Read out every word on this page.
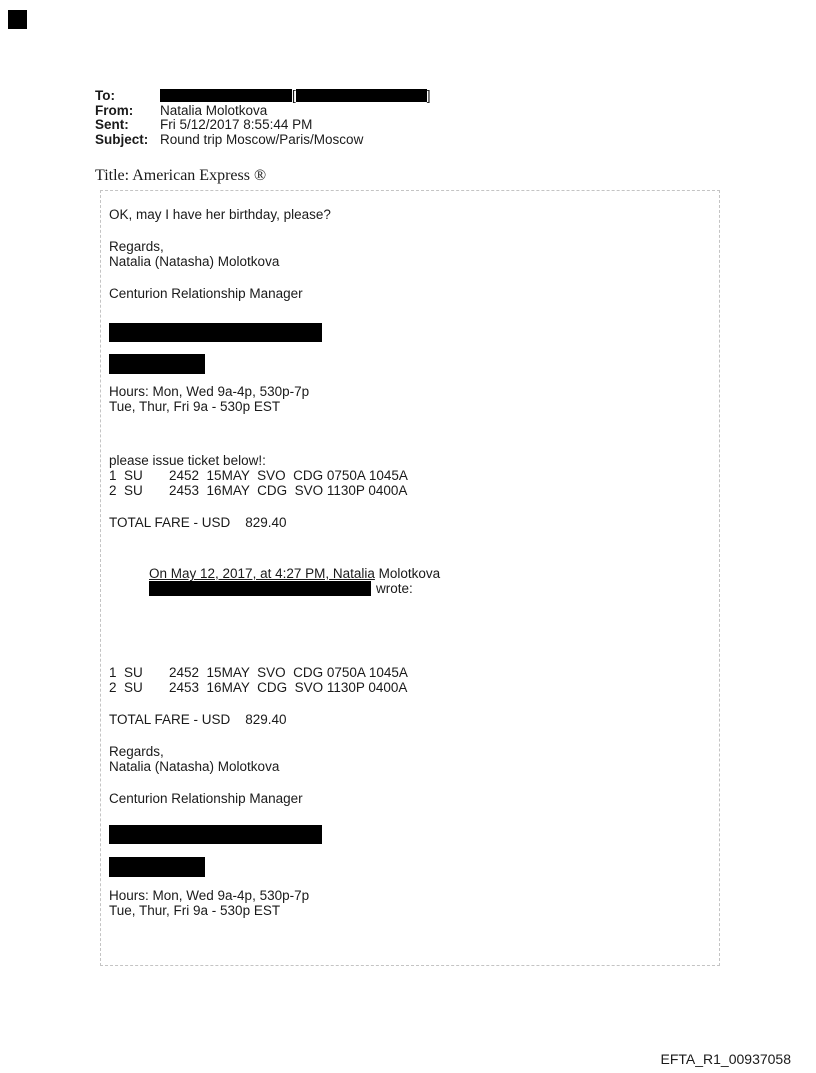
To:	[	]
From:	Natalia Molotkova
Sent:	Fri 5/12/2017 8:55:44 PM
Subject: Round trip Moscow/Paris/Moscow
Title: American Express ®
OK, may I have her birthday, please?
Regards,
Natalia (Natasha) Molotkova
Centurion Relationship Manager
Hours: Mon, Wed 9a-4p, 530p-7p
Tue, Thur, Fri 9a - 530p EST
please issue ticket below!:
1  SU       2452  15MAY  SVO  CDG 0750A 1045A
2  SU       2453  16MAY  CDG  SVO 1130P 0400A
TOTAL FARE - USD    829.40
On May 12, 2017, at 4:27 PM, Natalia Molotkova
wrote:
1  SU       2452  15MAY  SVO  CDG 0750A 1045A
2  SU       2453  16MAY  CDG  SVO 1130P 0400A
TOTAL FARE - USD    829.40
Regards,
Natalia (Natasha) Molotkova
Centurion Relationship Manager
Hours: Mon, Wed 9a-4p, 530p-7p
Tue, Thur, Fri 9a - 530p EST
EFTA_R1_00937058
